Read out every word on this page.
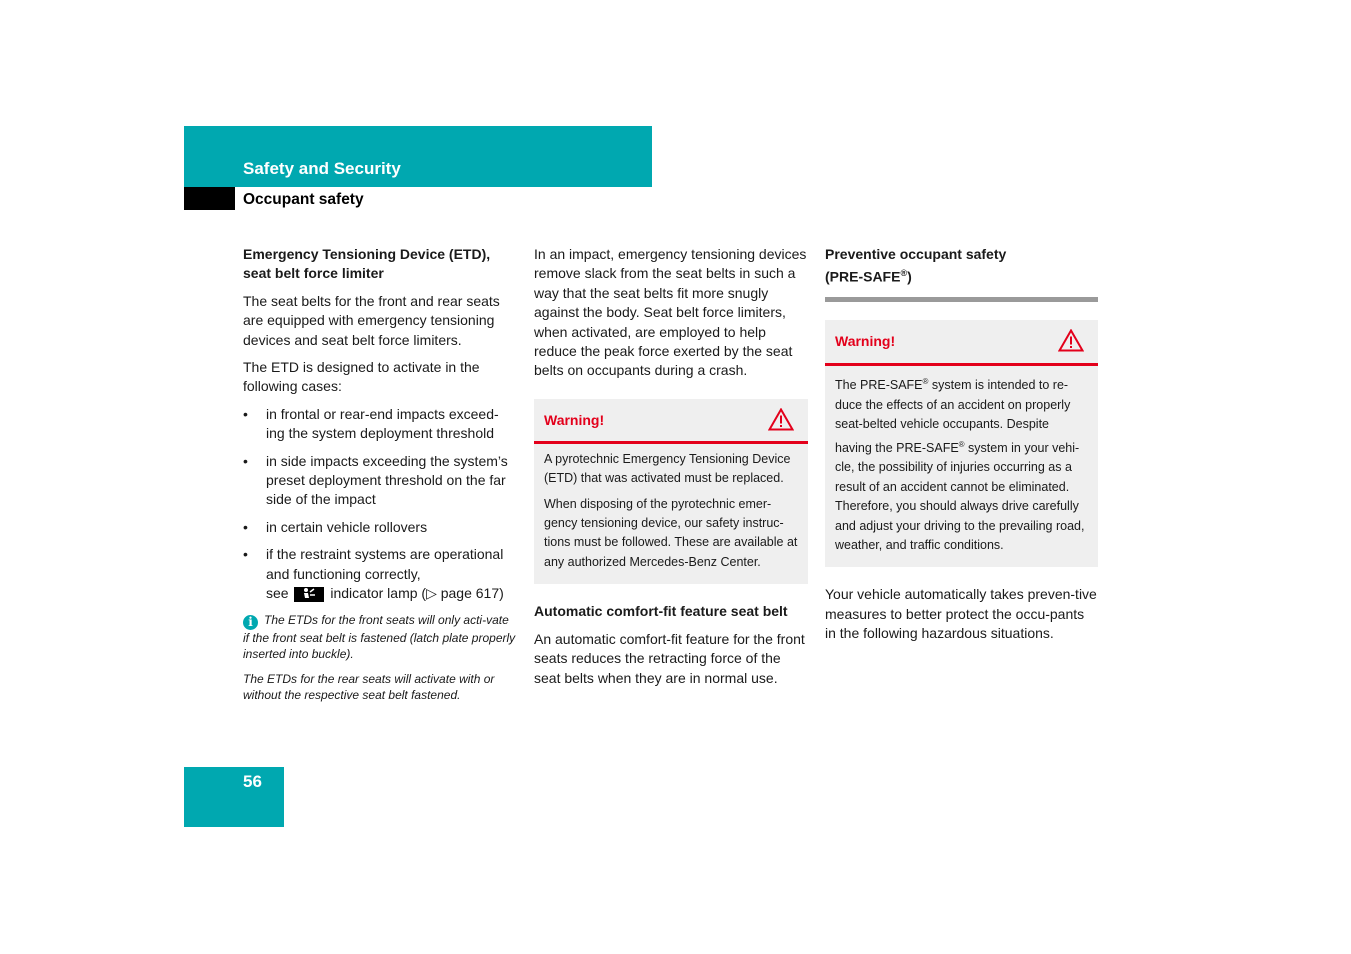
Safety and Security
Occupant safety
Emergency Tensioning Device (ETD), seat belt force limiter

The seat belts for the front and rear seats are equipped with emergency tensioning devices and seat belt force limiters.

The ETD is designed to activate in the following cases:

• in frontal or rear-end impacts exceed-ing the system deployment threshold
• in side impacts exceeding the system’s preset deployment threshold on the far side of the impact
• in certain vehicle rollovers
• if the restraint systems are operational and functioning correctly,
see	indicator lamp (▷ page 617)
i The ETDs for the front seats will only acti-vate if the front seat belt is fastened (latch plate properly inserted into buckle).
The ETDs for the rear seats will activate with or without the respective seat belt fastened.

In an impact, emergency tensioning devices remove slack from the seat belts in such a way that the seat belts fit more snugly against the body. Seat belt force limiters, when activated, are employed to help reduce the peak force exerted by the seat belts on occupants during a crash.

Warning!

A pyrotechnic Emergency Tensioning Device (ETD) that was activated must be replaced.

When disposing of the pyrotechnic emer-gency tensioning device, our safety instruc-tions must be followed. These are available at any authorized Mercedes-Benz Center.

Automatic comfort-fit feature seat belt

An automatic comfort-fit feature for the front seats reduces the retracting force of the seat belts when they are in normal use.

Preventive occupant safety
(PRE-SAFE®)
Warning!

The PRE-SAFE® system is intended to re-duce the effects of an accident on properly seat-belted vehicle occupants. Despite having the PRE-SAFE® system in your vehi-cle, the possibility of injuries occurring as a result of an accident cannot be eliminated. Therefore, you should always drive carefully and adjust your driving to the prevailing road, weather, and traffic conditions.

Your vehicle automatically takes preven-tive measures to better protect the occu-pants in the following hazardous situations.

56
